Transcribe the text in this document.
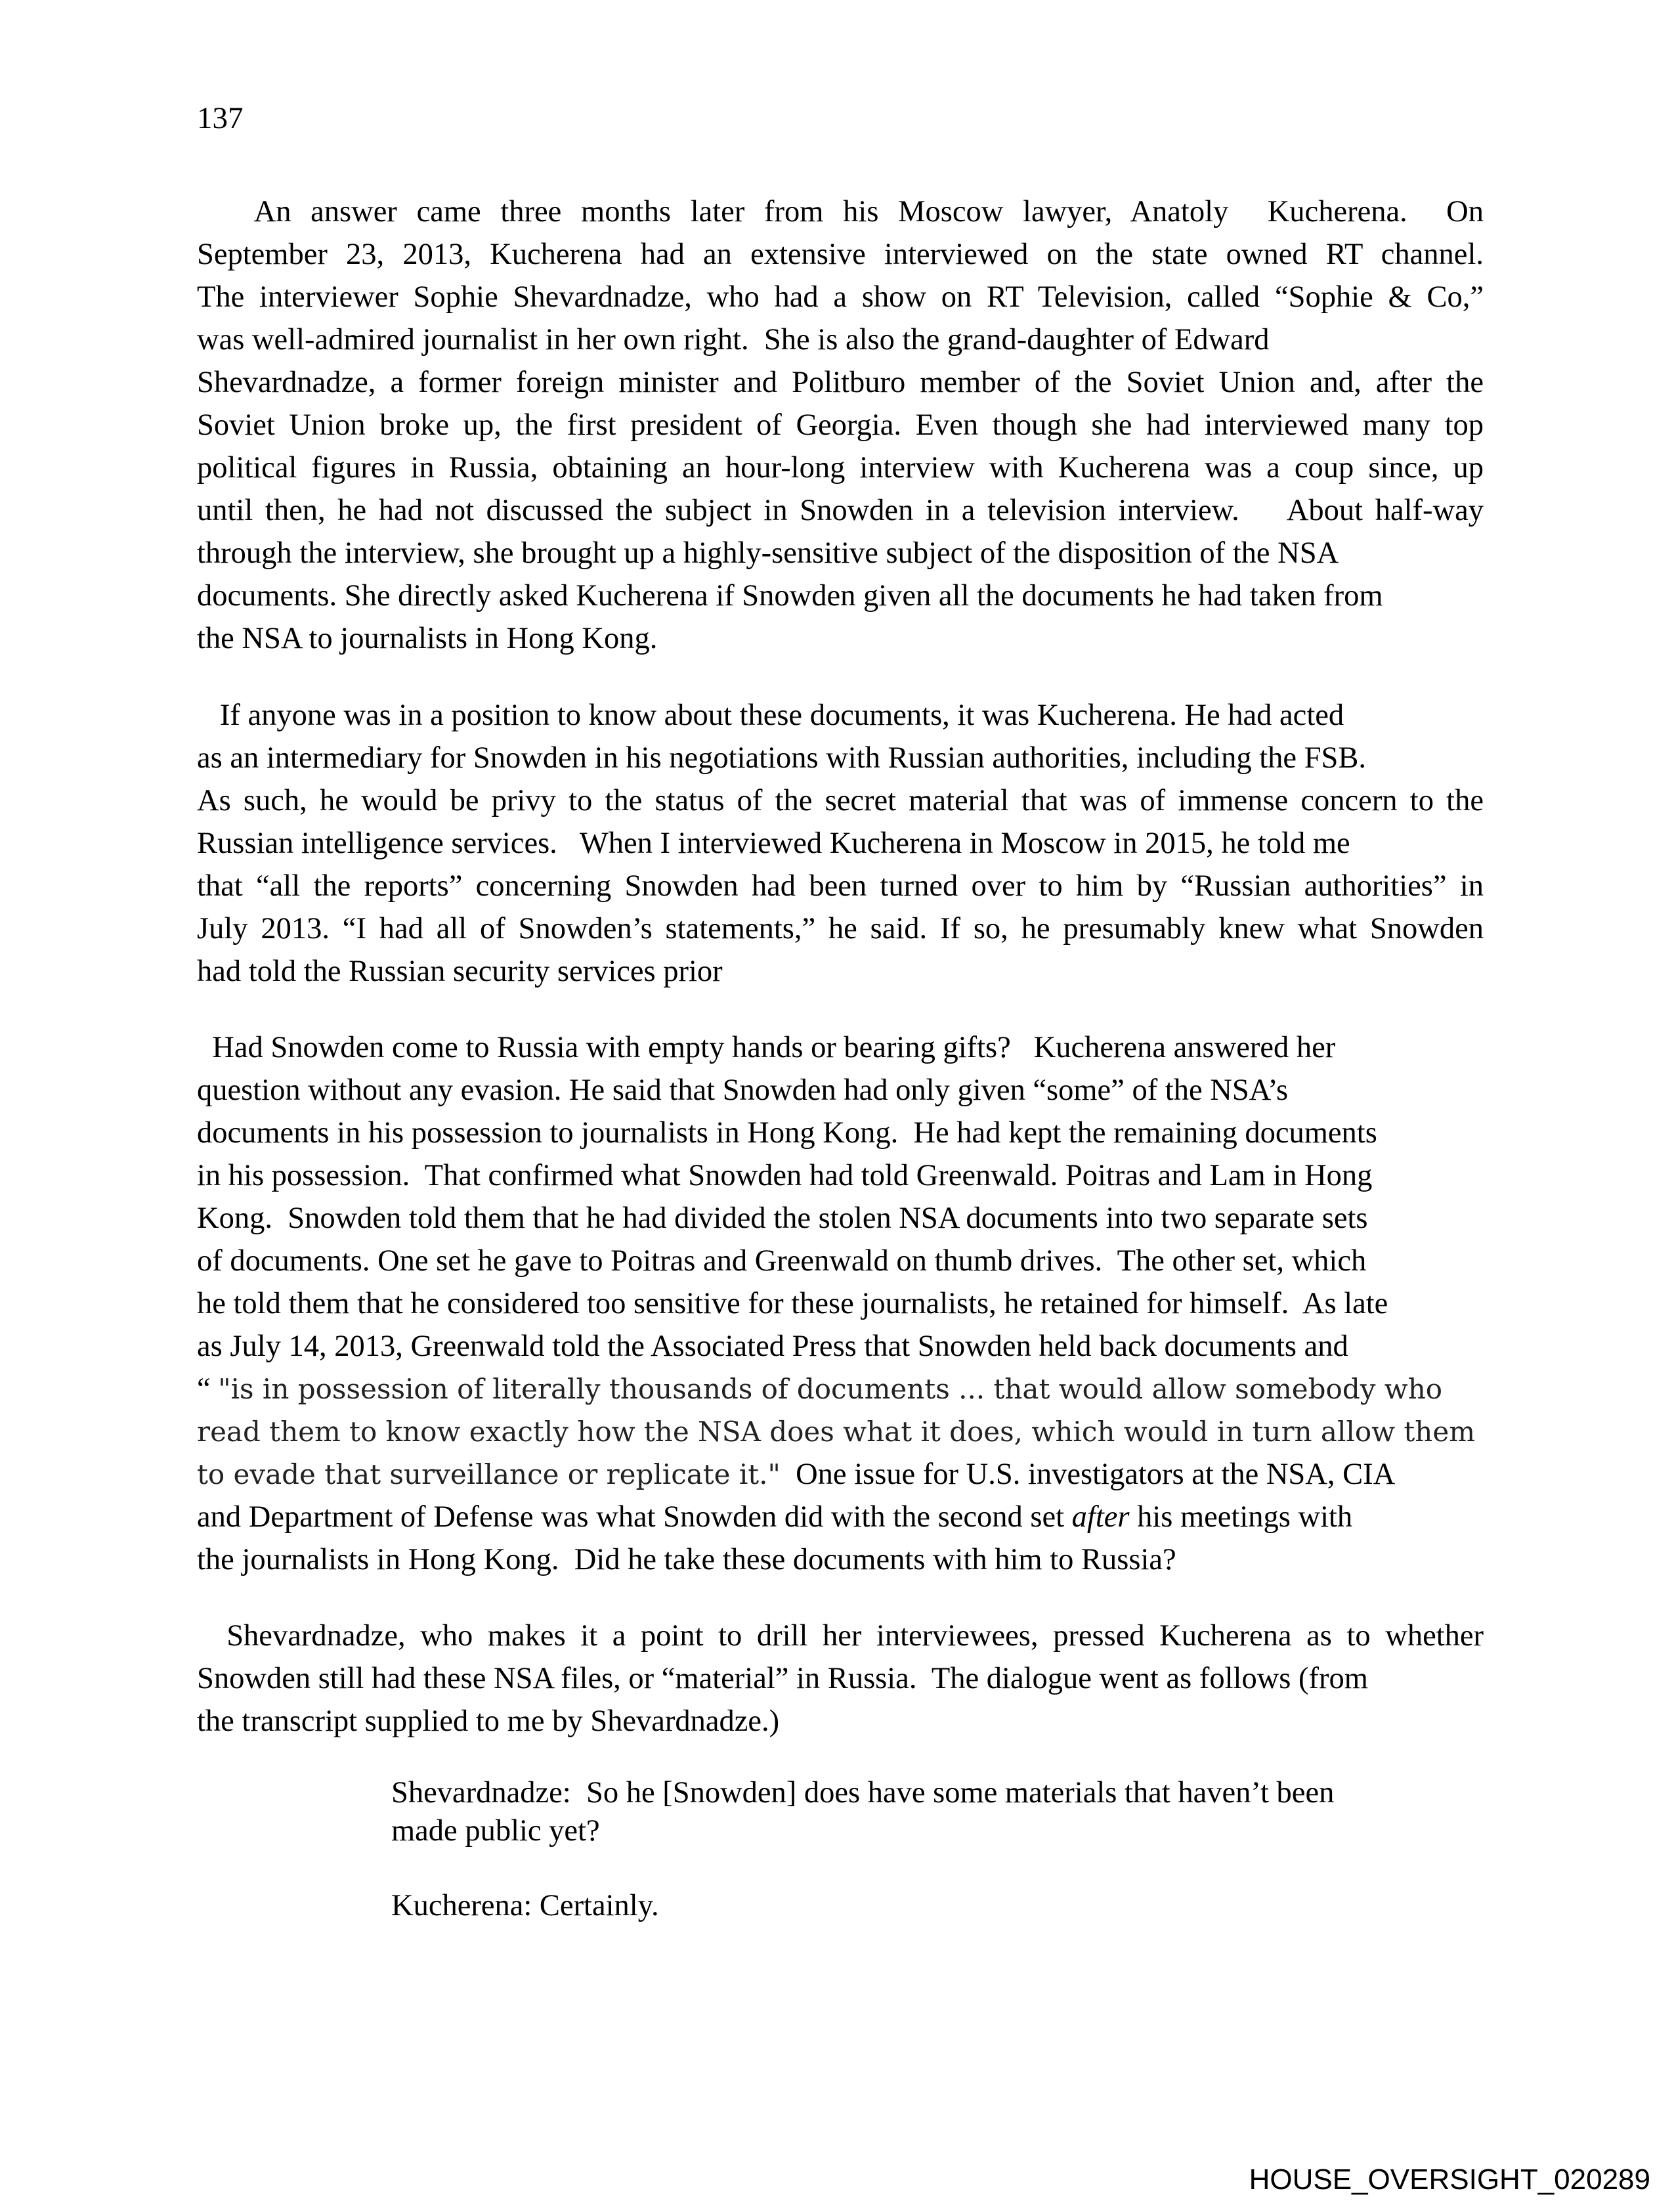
137
An answer came three months later from his Moscow lawyer, Anatoly  Kucherena.  On
September 23, 2013, Kucherena had an extensive interviewed on the state owned RT channel.
The interviewer Sophie Shevardnadze, who had a show on RT Television, called “Sophie & Co,”
was well-admired journalist in her own right.  She is also the grand-daughter of Edward
Shevardnadze, a former foreign minister and Politburo member of the Soviet Union and, after the
Soviet Union broke up, the first president of Georgia. Even though she had interviewed many top
political figures in Russia, obtaining an hour-long interview with Kucherena was a coup since, up
until then, he had not discussed the subject in Snowden in a television interview.    About half-way
through the interview, she brought up a highly-sensitive subject of the disposition of the NSA
documents. She directly asked Kucherena if Snowden given all the documents he had taken from
the NSA to journalists in Hong Kong.
If anyone was in a position to know about these documents, it was Kucherena. He had acted
as an intermediary for Snowden in his negotiations with Russian authorities, including the FSB.
As such, he would be privy to the status of the secret material that was of immense concern to the
Russian intelligence services.   When I interviewed Kucherena in Moscow in 2015, he told me
that “all the reports” concerning Snowden had been turned over to him by “Russian authorities” in
July 2013. “I had all of Snowden’s statements,” he said. If so, he presumably knew what Snowden
had told the Russian security services prior
Had Snowden come to Russia with empty hands or bearing gifts?   Kucherena answered her
question without any evasion. He said that Snowden had only given “some” of the NSA’s
documents in his possession to journalists in Hong Kong.  He had kept the remaining documents
in his possession.  That confirmed what Snowden had told Greenwald. Poitras and Lam in Hong
Kong.  Snowden told them that he had divided the stolen NSA documents into two separate sets
of documents. One set he gave to Poitras and Greenwald on thumb drives.  The other set, which
he told them that he considered too sensitive for these journalists, he retained for himself.  As late
as July 14, 2013, Greenwald told the Associated Press that Snowden held back documents and
“ "is in possession of literally thousands of documents ... that would allow somebody who
read them to know exactly how the NSA does what it does, which would in turn allow them
to evade that surveillance or replicate it."  One issue for U.S. investigators at the NSA, CIA
and Department of Defense was what Snowden did with the second set after his meetings with
the journalists in Hong Kong.  Did he take these documents with him to Russia?
Shevardnadze, who makes it a point to drill her interviewees, pressed Kucherena as to whether
Snowden still had these NSA files, or “material” in Russia.  The dialogue went as follows (from
the transcript supplied to me by Shevardnadze.)
Shevardnadze:  So he [Snowden] does have some materials that haven’t been
made public yet?
Kucherena: Certainly.
HOUSE_OVERSIGHT_020289
